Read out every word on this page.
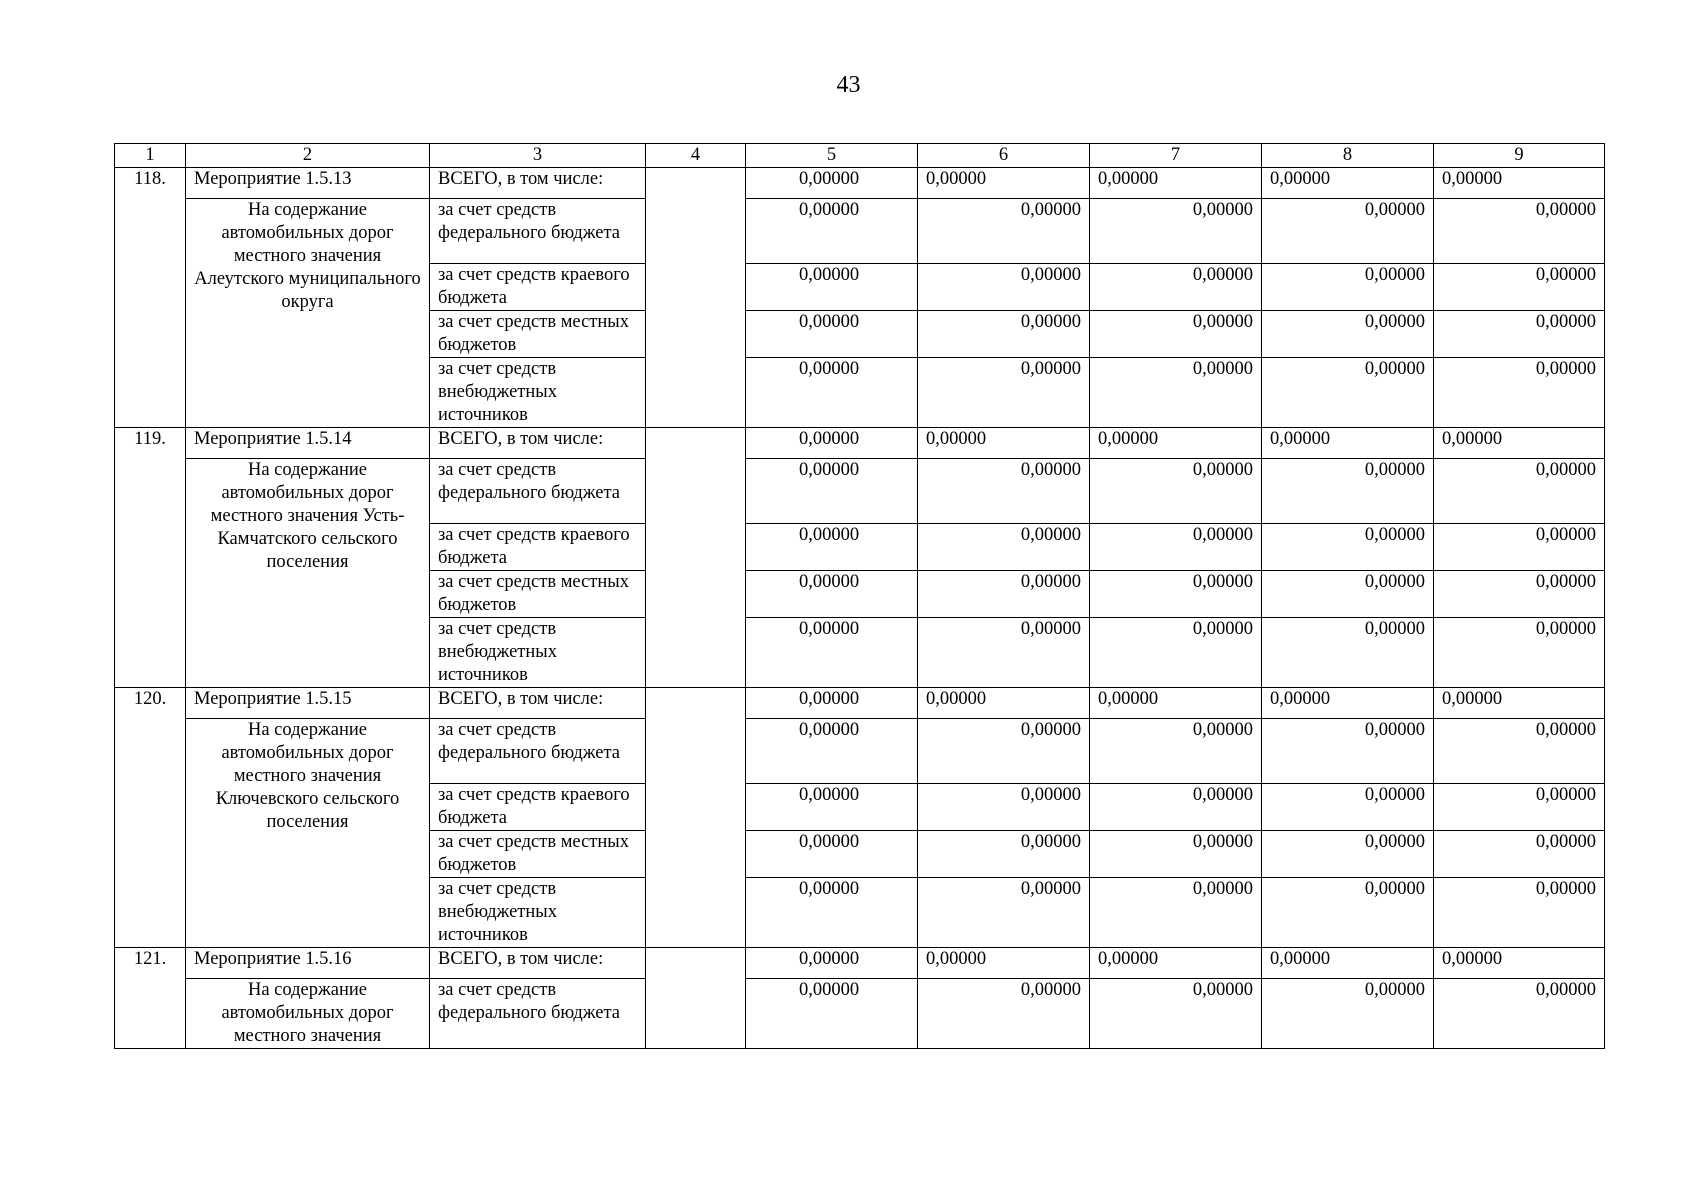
43
1	2	3	4	5	6	7	8	9
118.	Мероприятие 1.5.13	ВСЕГО, в том числе:		0,00000	0,00000	0,00000	0,00000	0,00000
	На содержание автомобильных дорог местного значения Алеутского муниципального округа	за счет средств федерального бюджета		0,00000	0,00000	0,00000	0,00000	0,00000
		за счет средств краевого бюджета		0,00000	0,00000	0,00000	0,00000	0,00000
		за счет средств местных бюджетов		0,00000	0,00000	0,00000	0,00000	0,00000
		за счет средств внебюджетных источников		0,00000	0,00000	0,00000	0,00000	0,00000
119.	Мероприятие 1.5.14	ВСЕГО, в том числе:		0,00000	0,00000	0,00000	0,00000	0,00000
	На содержание автомобильных дорог местного значения Усть-Камчатского сельского поселения	за счет средств федерального бюджета		0,00000	0,00000	0,00000	0,00000	0,00000
		за счет средств краевого бюджета		0,00000	0,00000	0,00000	0,00000	0,00000
		за счет средств местных бюджетов		0,00000	0,00000	0,00000	0,00000	0,00000
		за счет средств внебюджетных источников		0,00000	0,00000	0,00000	0,00000	0,00000
120.	Мероприятие 1.5.15	ВСЕГО, в том числе:		0,00000	0,00000	0,00000	0,00000	0,00000
	На содержание автомобильных дорог местного значения Ключевского сельского поселения	за счет средств федерального бюджета		0,00000	0,00000	0,00000	0,00000	0,00000
		за счет средств краевого бюджета		0,00000	0,00000	0,00000	0,00000	0,00000
		за счет средств местных бюджетов		0,00000	0,00000	0,00000	0,00000	0,00000
		за счет средств внебюджетных источников		0,00000	0,00000	0,00000	0,00000	0,00000
121.	Мероприятие 1.5.16	ВСЕГО, в том числе:		0,00000	0,00000	0,00000	0,00000	0,00000
	На содержание автомобильных дорог местного значения	за счет средств федерального бюджета		0,00000	0,00000	0,00000	0,00000	0,00000
